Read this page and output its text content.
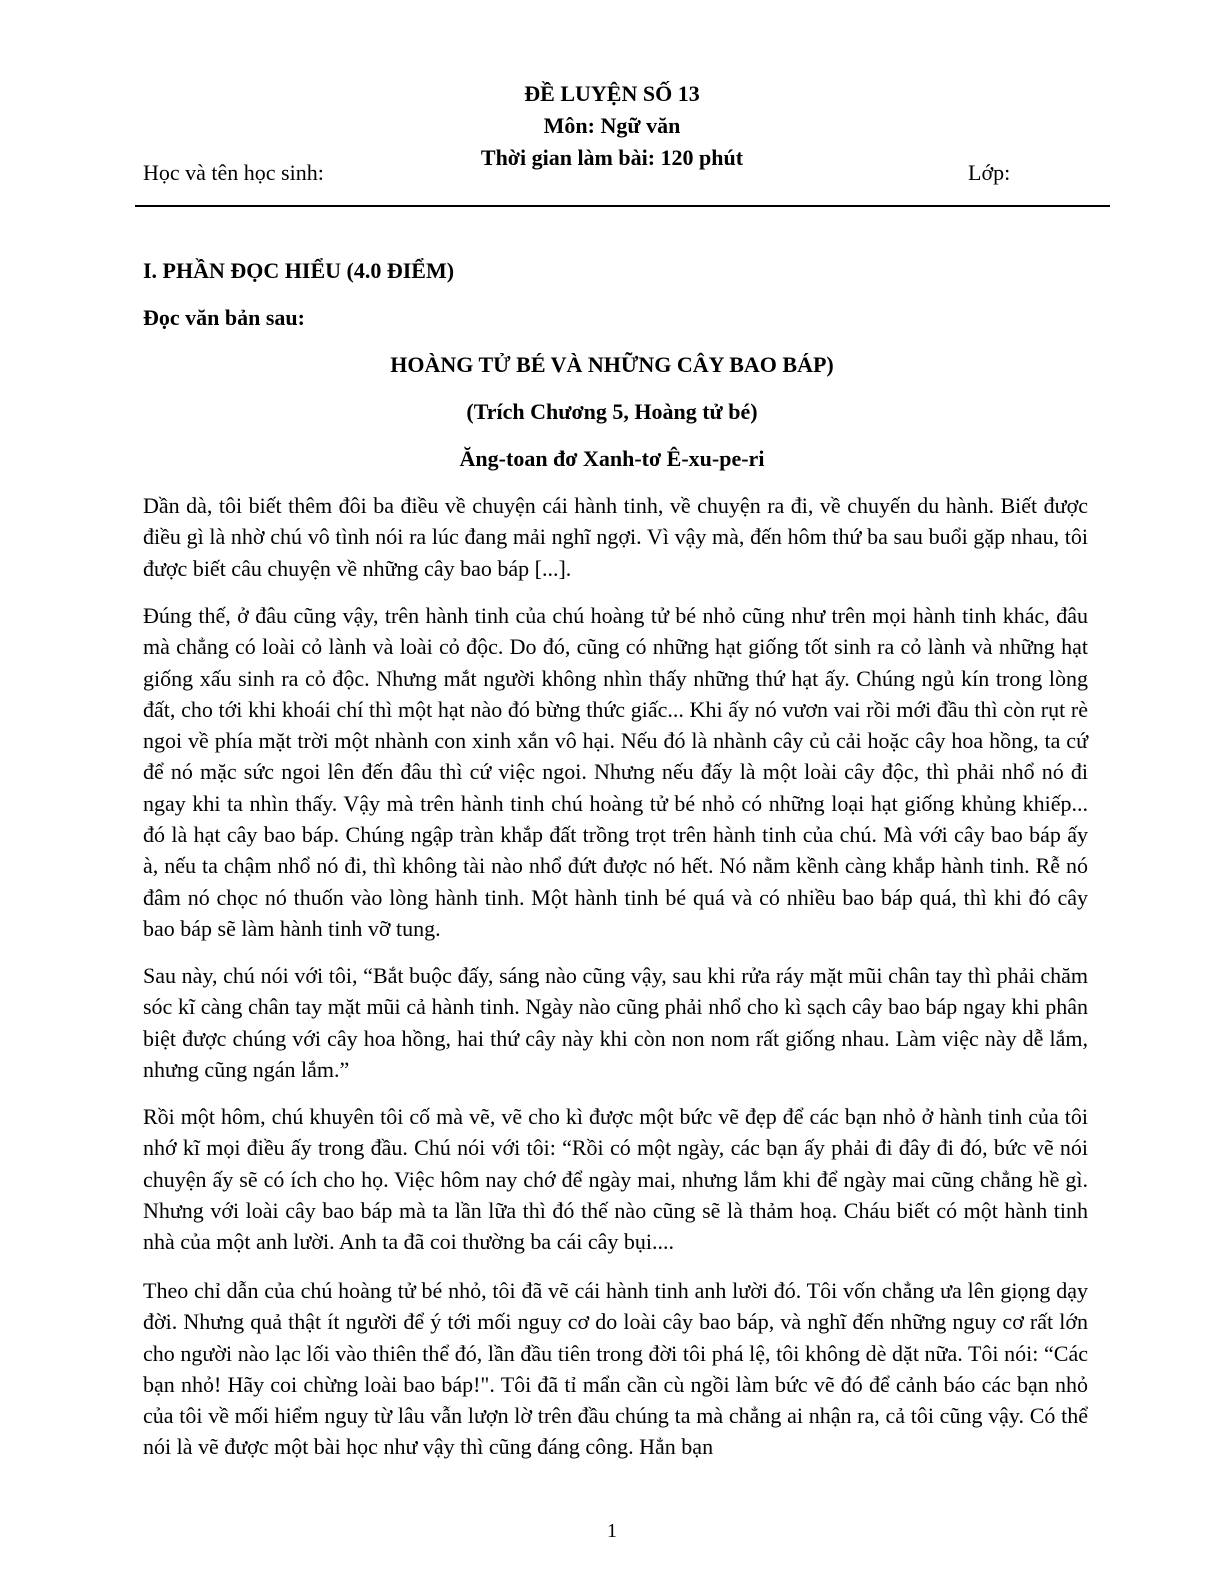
ĐỀ LUYỆN SỐ 13
Môn: Ngữ văn
Thời gian làm bài: 120 phút
Học và tên học sinh:	Lớp:
I. PHẦN ĐỌC HIỂU (4.0 ĐIỂM)
Đọc văn bản sau:
HOÀNG TỬ BÉ VÀ NHỮNG CÂY BAO BÁP)
(Trích Chương 5, Hoàng tử bé)
Ăng-toan đơ Xanh-tơ Ê-xu-pe-ri

Dần dà, tôi biết thêm đôi ba điều về chuyện cái hành tinh, về chuyện ra đi, về chuyến du hành. Biết được điều gì là nhờ chú vô tình nói ra lúc đang mải nghĩ ngợi. Vì vậy mà, đến hôm thứ ba sau buổi gặp nhau, tôi được biết câu chuyện về những cây bao báp [...].

Đúng thế, ở đâu cũng vậy, trên hành tinh của chú hoàng tử bé nhỏ cũng như trên mọi hành tinh khác, đâu mà chẳng có loài cỏ lành và loài cỏ độc. Do đó, cũng có những hạt giống tốt sinh ra cỏ lành và những hạt giống xấu sinh ra cỏ độc. Nhưng mắt người không nhìn thấy những thứ hạt ấy. Chúng ngủ kín trong lòng đất, cho tới khi khoái chí thì một hạt nào đó bừng thức giấc... Khi ấy nó vươn vai rồi mới đầu thì còn rụt rè ngoi về phía mặt trời một nhành con xinh xắn vô hại. Nếu đó là nhành cây củ cải hoặc cây hoa hồng, ta cứ để nó mặc sức ngoi lên đến đâu thì cứ việc ngoi. Nhưng nếu đấy là một loài cây độc, thì phải nhổ nó đi ngay khi ta nhìn thấy. Vậy mà trên hành tinh chú hoàng tử bé nhỏ có những loại hạt giống khủng khiếp... đó là hạt cây bao báp. Chúng ngập tràn khắp đất trồng trọt trên hành tinh của chú. Mà với cây bao báp ấy à, nếu ta chậm nhổ nó đi, thì không tài nào nhổ đứt được nó hết. Nó nằm kềnh càng khắp hành tinh. Rễ nó đâm nó chọc nó thuốn vào lòng hành tinh. Một hành tinh bé quá và có nhiều bao báp quá, thì khi đó cây bao báp sẽ làm hành tinh vỡ tung.

Sau này, chú nói với tôi, “Bắt buộc đấy, sáng nào cũng vậy, sau khi rửa ráy mặt mũi chân tay thì phải chăm sóc kĩ càng chân tay mặt mũi cả hành tinh. Ngày nào cũng phải nhổ cho kì sạch cây bao báp ngay khi phân biệt được chúng với cây hoa hồng, hai thứ cây này khi còn non nom rất giống nhau. Làm việc này dễ lắm, nhưng cũng ngán lắm.”

Rồi một hôm, chú khuyên tôi cố mà vẽ, vẽ cho kì được một bức vẽ đẹp để các bạn nhỏ ở hành tinh của tôi nhớ kĩ mọi điều ấy trong đầu. Chú nói với tôi: “Rồi có một ngày, các bạn ấy phải đi đây đi đó, bức vẽ nói chuyện ấy sẽ có ích cho họ. Việc hôm nay chớ để ngày mai, nhưng lắm khi để ngày mai cũng chẳng hề gì. Nhưng với loài cây bao báp mà ta lần lữa thì đó thế nào cũng sẽ là thảm hoạ. Cháu biết có một hành tinh nhà của một anh lười. Anh ta đã coi thường ba cái cây bụi....

Theo chỉ dẫn của chú hoàng tử bé nhỏ, tôi đã vẽ cái hành tinh anh lười đó. Tôi vốn chẳng ưa lên giọng dạy đời. Nhưng quả thật ít người để ý tới mối nguy cơ do loài cây bao báp, và nghĩ đến những nguy cơ rất lớn cho người nào lạc lối vào thiên thể đó, lần đầu tiên trong đời tôi phá lệ, tôi không dè dặt nữa. Tôi nói: “Các bạn nhỏ! Hãy coi chừng loài bao báp!". Tôi đã tỉ mẩn cần cù ngồi làm bức vẽ đó để cảnh báo các bạn nhỏ của tôi về mối hiểm nguy từ lâu vẫn lượn lờ trên đầu chúng ta mà chẳng ai nhận ra, cả tôi cũng vậy. Có thể nói là vẽ được một bài học như vậy thì cũng đáng công. Hẳn bạn

1
